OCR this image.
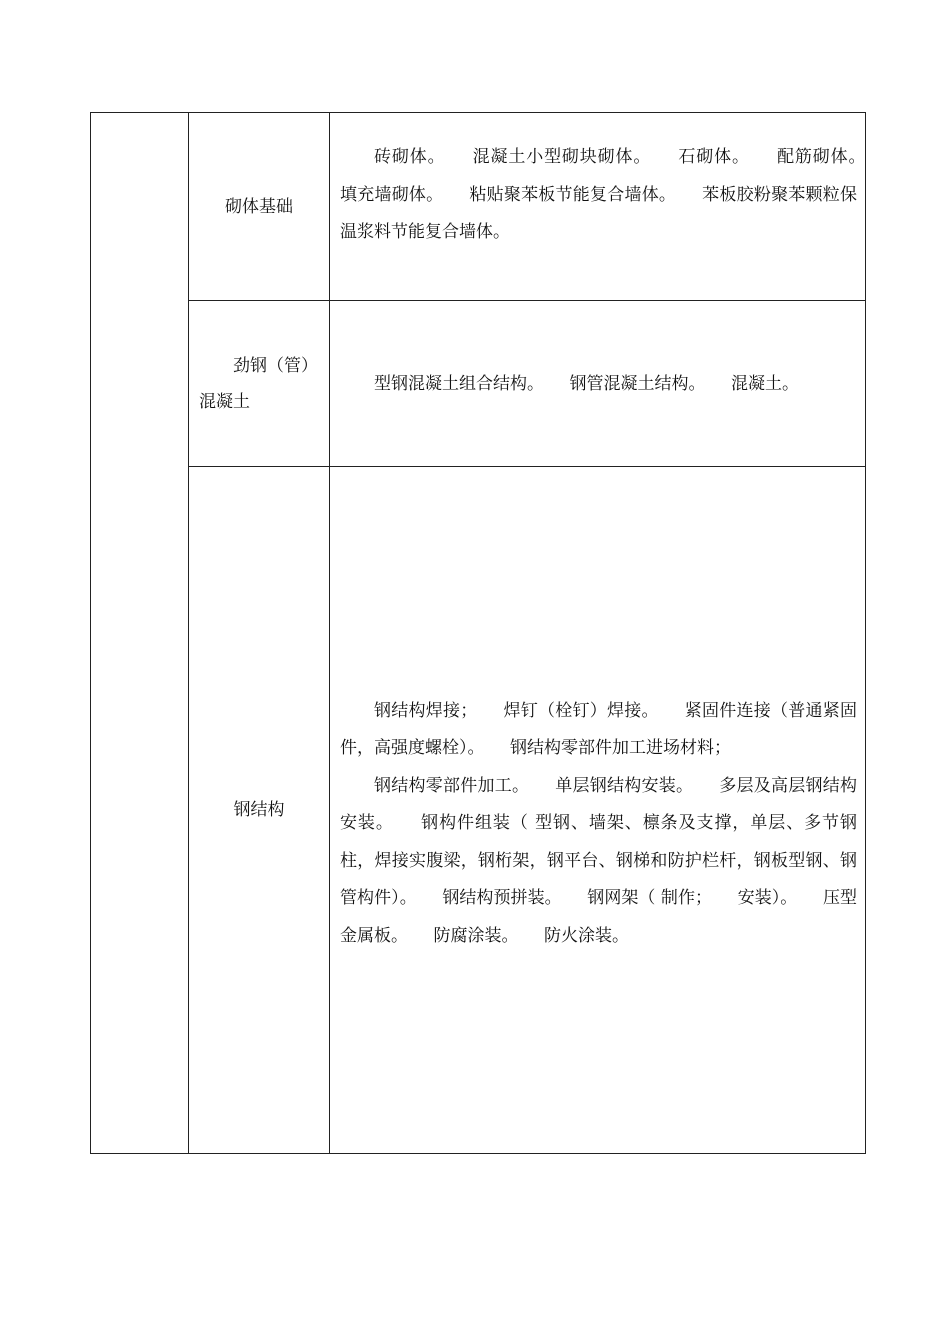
	砌体基础	砖砌体。　　混凝土小型砌块砌体。　　石砌体。　　配筋砌体。　　填充墙砌体。　　粘贴聚苯板节能复合墙体。　　苯板胶粉聚苯颗粒保温浆料节能复合墙体。

	劲钢（管）
混凝土	型钢混凝土组合结构。　　钢管混凝土结构。　　混凝土。

	钢结构	钢结构焊接；　　焊钉（栓钉）焊接。　　紧固件连接（普通紧固件，高强度螺栓）。　　钢结构零部件加工进场材料；

钢结构零部件加工。　　单层钢结构安装。　　多层及高层钢结构安装。　　钢构件组装（ 型钢、墙架、檩条及支撑，单层、多节钢柱，焊接实腹梁，钢桁架，钢平台、钢梯和防护栏杆，钢板型钢、钢管构件）。　　钢结构预拼装。　　钢网架（ 制作；　　安装）。　　压型金属板。　　防腐涂装。　　防火涂装。
